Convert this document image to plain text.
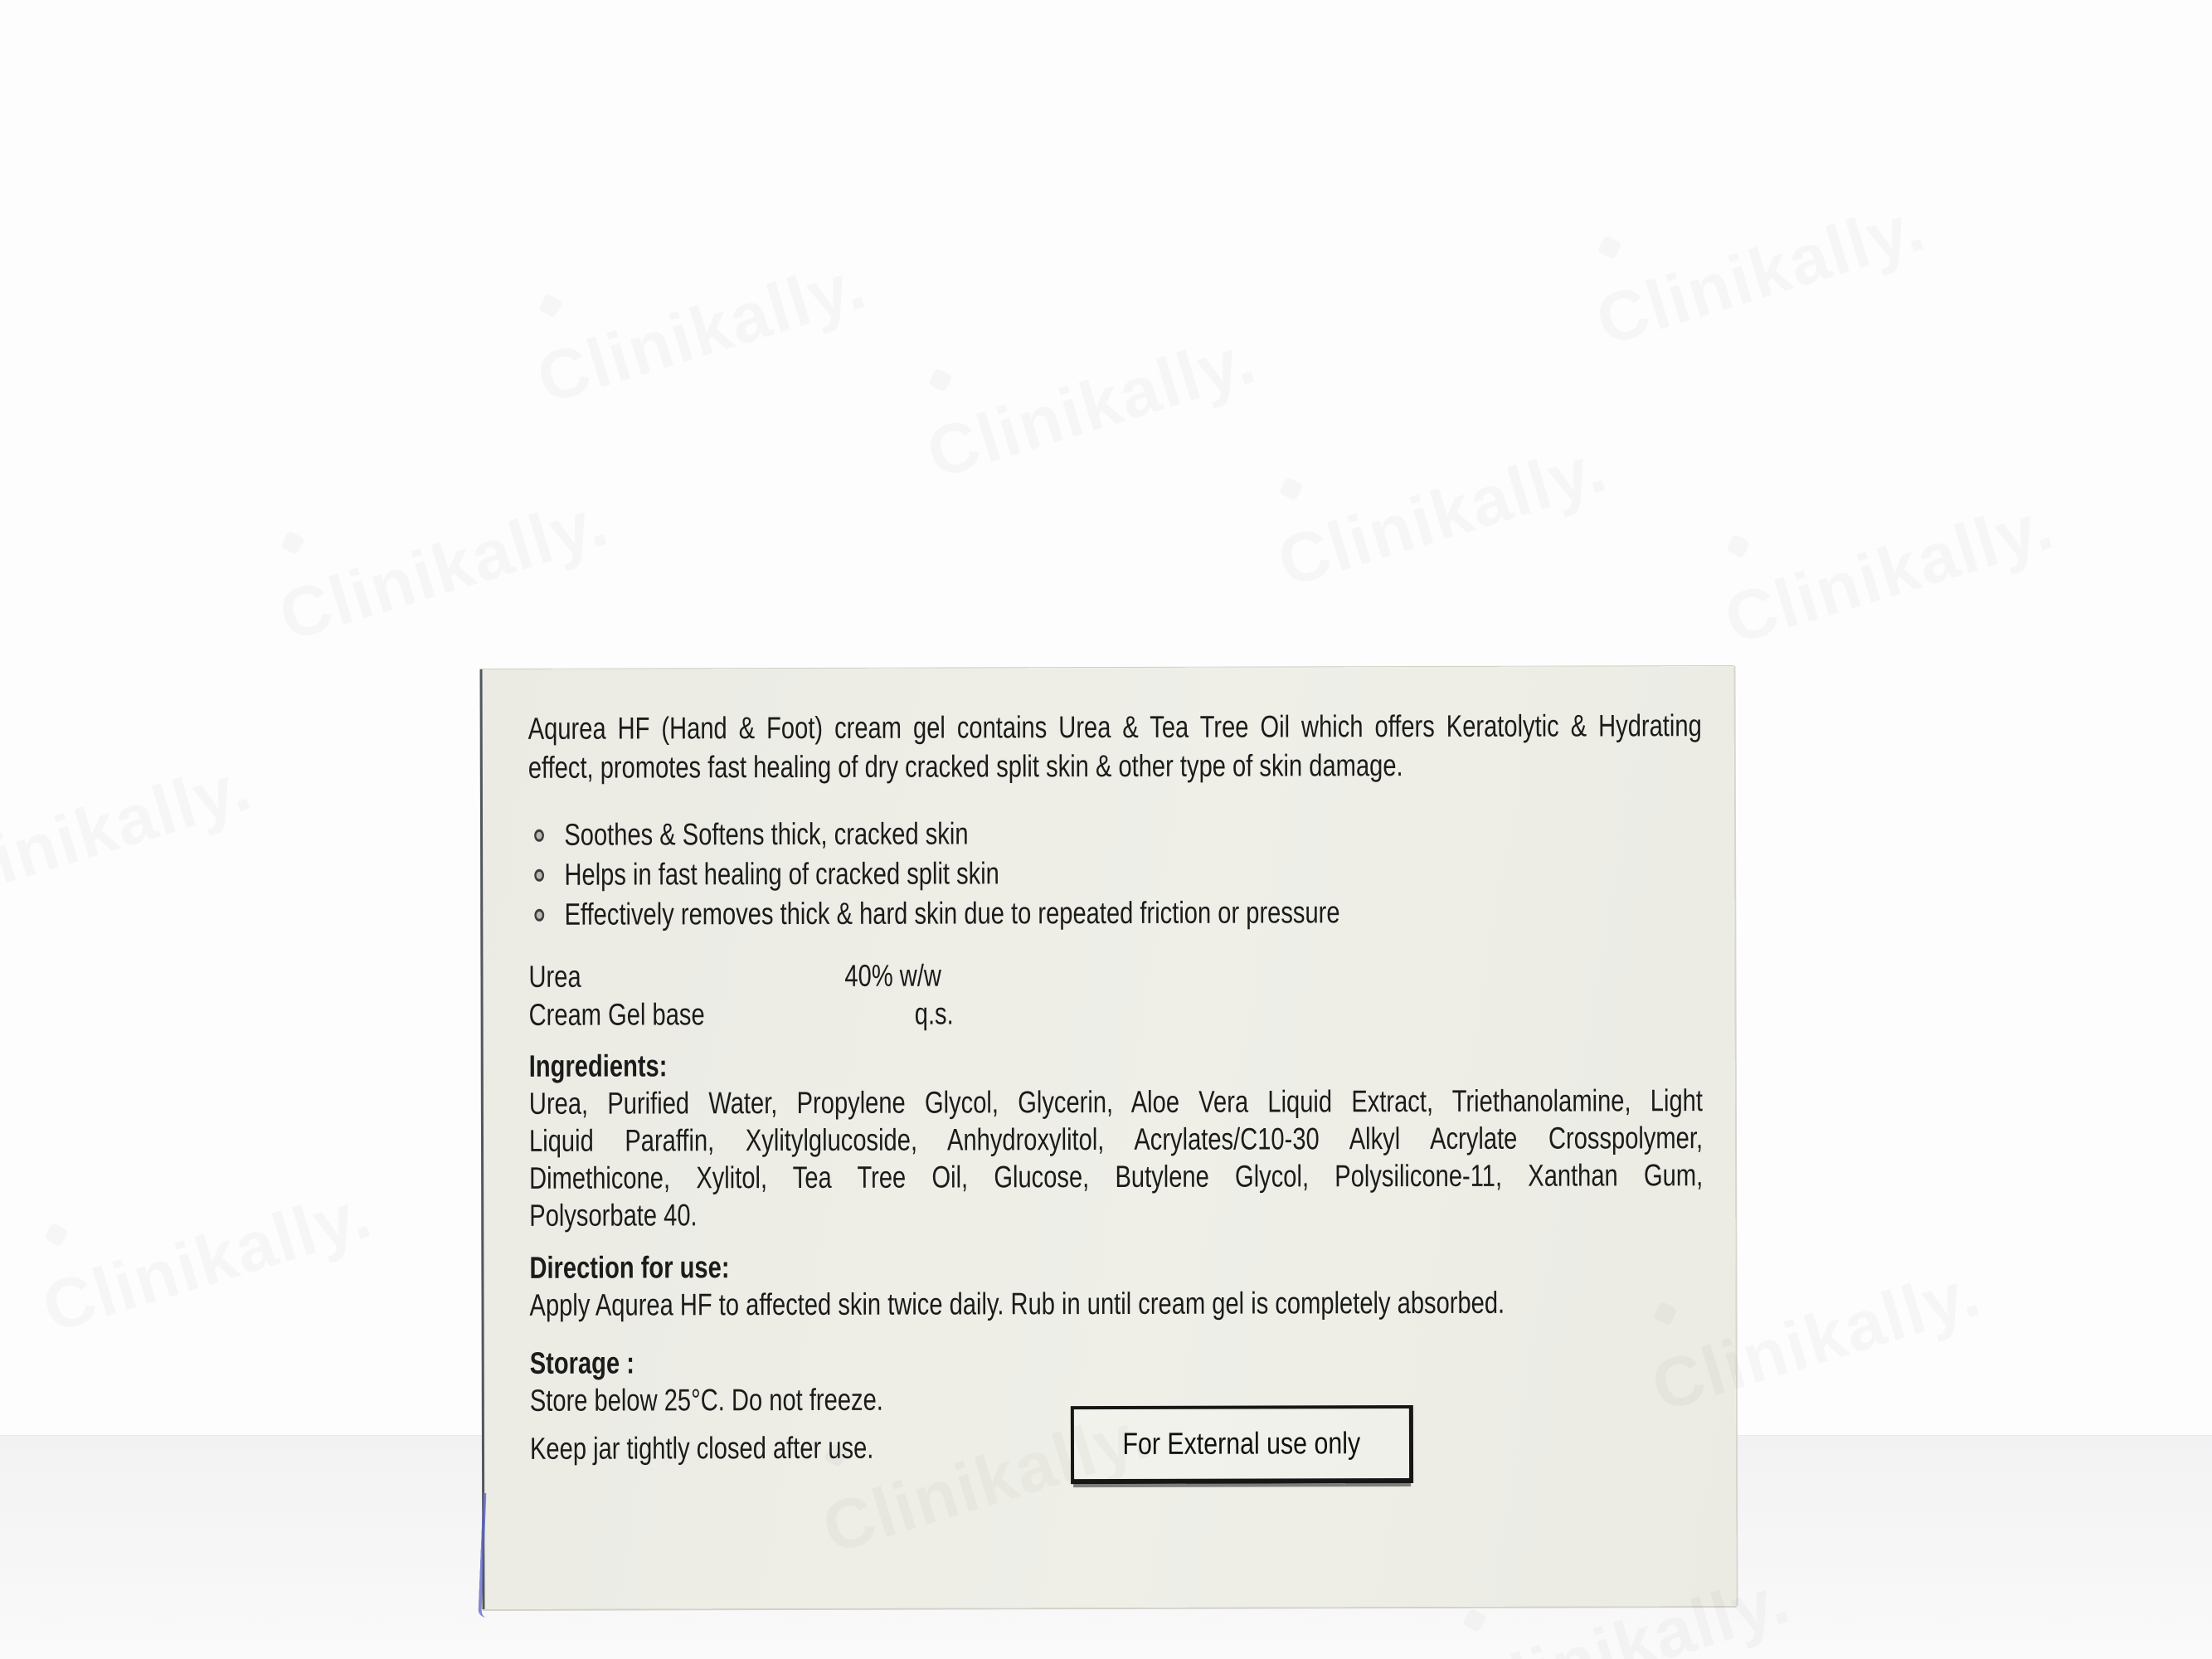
Aqurea HF (Hand & Foot) cream gel contains Urea & Tea Tree Oil which offers Keratolytic & Hydrating
effect, promotes fast healing of dry cracked split skin & other type of skin damage.
Soothes & Softens thick, cracked skin
Helps in fast healing of cracked split skin
Effectively removes thick & hard skin due to repeated friction or pressure
Urea	40% w/w
Cream Gel base	q.s.
Ingredients:
Urea, Purified Water, Propylene Glycol, Glycerin, Aloe Vera Liquid Extract, Triethanolamine, Light
Liquid Paraffin, Xylitylglucoside, Anhydroxylitol, Acrylates/C10-30 Alkyl Acrylate Crosspolymer,
Dimethicone, Xylitol, Tea Tree Oil, Glucose, Butylene Glycol, Polysilicone-11, Xanthan Gum,
Polysorbate 40.
Direction for use:
Apply Aqurea HF to affected skin twice daily. Rub in until cream gel is completely absorbed.
Storage :
Store below 25°C. Do not freeze.
Keep jar tightly closed after use.	For External use only
